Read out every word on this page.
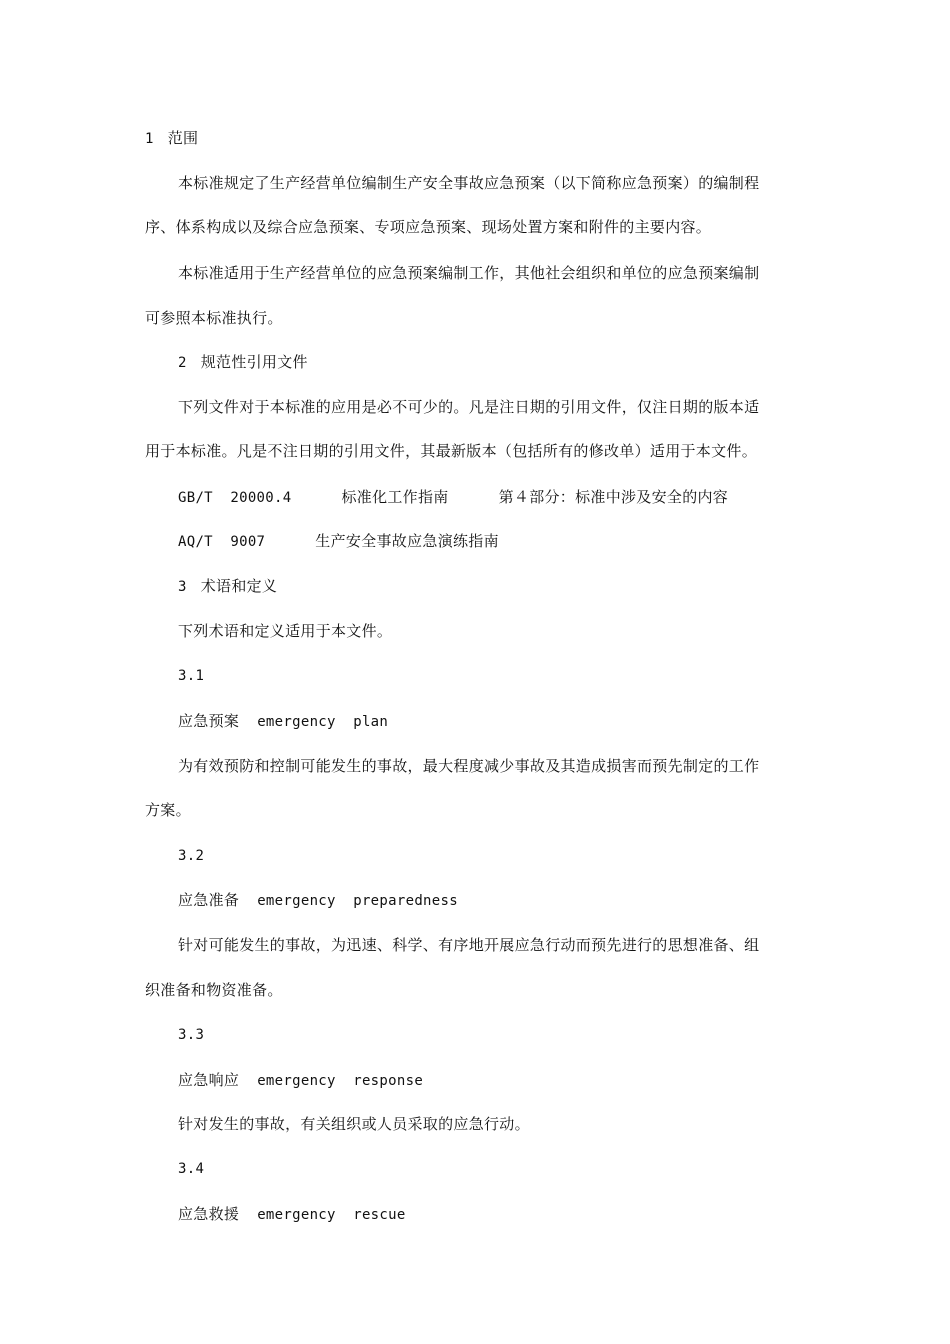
1 范围
本标准规定了生产经营单位编制生产安全事故应急预案（以下简称应急预案）的编制程
序、体系构成以及综合应急预案、专项应急预案、现场处置方案和附件的主要内容。
本标准适用于生产经营单位的应急预案编制工作，其他社会组织和单位的应急预案编制
可参照本标准执行。
2 规范性引用文件
下列文件对于本标准的应用是必不可少的。凡是注日期的引用文件，仅注日期的版本适
用于本标准。凡是不注日期的引用文件，其最新版本（包括所有的修改单）适用于本文件。
GB/T  20000.4	标准化工作指南	第４部分：标准中涉及安全的内容
AQ/T  9007	生产安全事故应急演练指南
3 术语和定义
下列术语和定义适用于本文件。
3.1
应急预案 emergency  plan
为有效预防和控制可能发生的事故，最大程度减少事故及其造成损害而预先制定的工作
方案。
3.2
应急准备 emergency  preparedness
针对可能发生的事故，为迅速、科学、有序地开展应急行动而预先进行的思想准备、组
织准备和物资准备。
3.3
应急响应 emergency  response
针对发生的事故，有关组织或人员采取的应急行动。
3.4
应急救援 emergency  rescue
